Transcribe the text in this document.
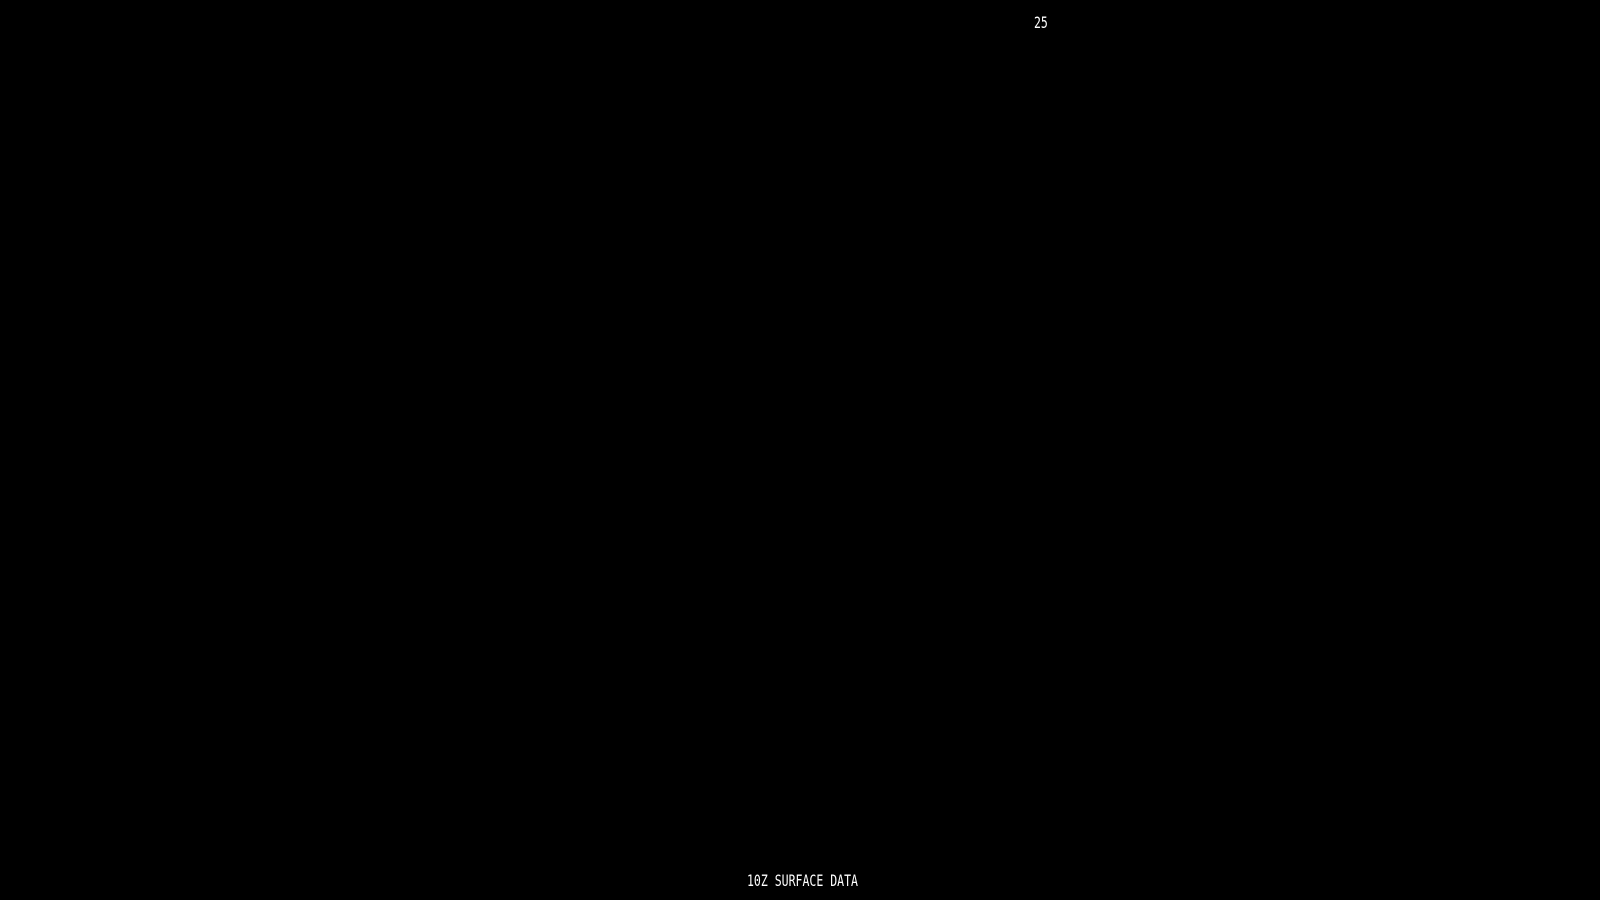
25
10Z SURFACE DATA
